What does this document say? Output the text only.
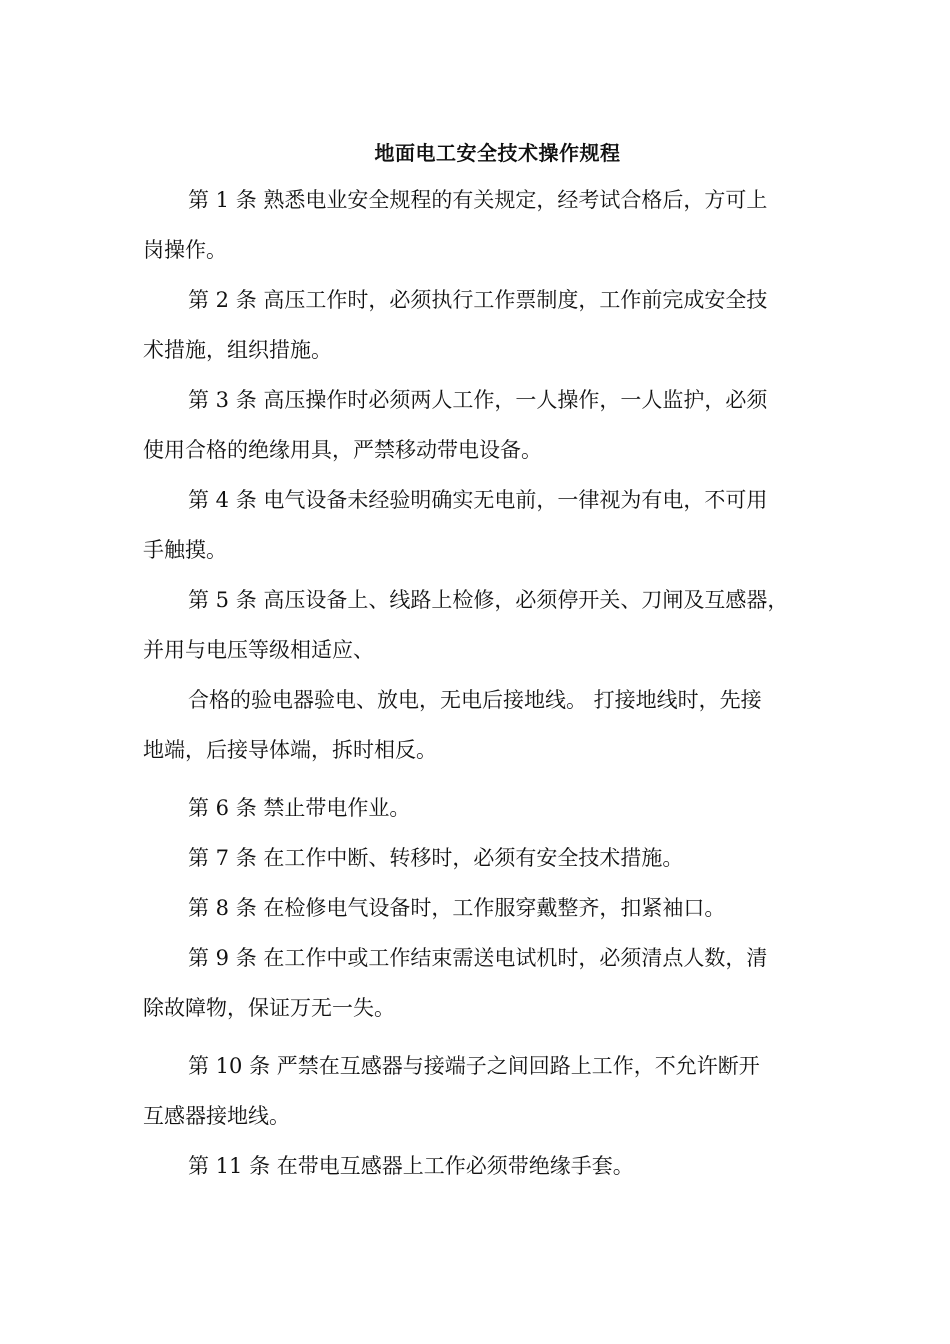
地面电工安全技术操作规程
第 1 条 熟悉电业安全规程的有关规定，经考试合格后，方可上
岗操作。
第 2 条 高压工作时，必须执行工作票制度，工作前完成安全技
术措施，组织措施。
第 3 条 高压操作时必须两人工作，一人操作，一人监护，必须
使用合格的绝缘用具，严禁移动带电设备。
第 4 条 电气设备未经验明确实无电前，一律视为有电，不可用
手触摸。
第 5 条 高压设备上、线路上检修，必须停开关、刀闸及互感器，
并用与电压等级相适应、
合格的验电器验电、放电，无电后接地线。 打接地线时，先接
地端，后接导体端，拆时相反。
第 6 条 禁止带电作业。
第 7 条 在工作中断、转移时，必须有安全技术措施。
第 8 条 在检修电气设备时，工作服穿戴整齐，扣紧袖口。
第 9 条 在工作中或工作结束需送电试机时，必须清点人数，清
除故障物，保证万无一失。
第 10 条 严禁在互感器与接端子之间回路上工作，不允许断开
互感器接地线。
第 11 条 在带电互感器上工作必须带绝缘手套。
